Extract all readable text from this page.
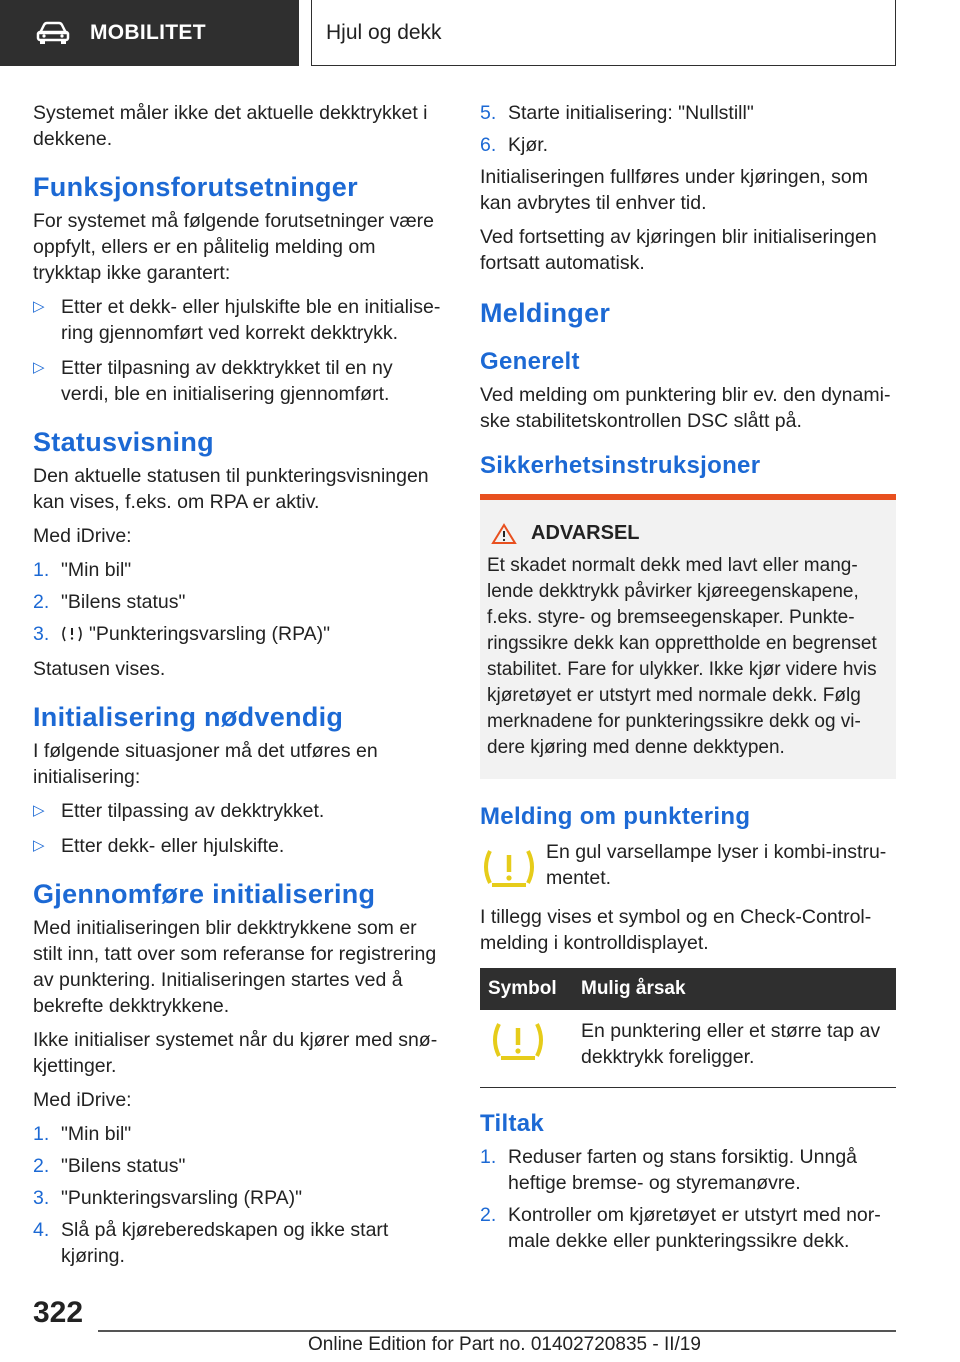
MOBILITET	Hjul og dekk

Systemet måler ikke det aktuelle dekktrykket i dekkene.

Funksjonsforutsetninger

For systemet må følgende forutsetninger være oppfylt, ellers er en pålitelig melding om trykktap ikke garantert:

▷ Etter et dekk- eller hjulskifte ble en initialisering gjennomført ved korrekt dekktrykk.
▷ Etter tilpasning av dekktrykket til en ny verdi, ble en initialisering gjennomført.
Statusvisning

Den aktuelle statusen til punkteringsvisningen kan vises, f.eks. om RPA er aktiv.

Med iDrive:

1. "Min bil"
2. "Bilens status"
3. "Punkteringsvarsling (RPA)"

Statusen vises.

Initialisering nødvendig

I følgende situasjoner må det utføres en initialisering:

▷ Etter tilpassing av dekktrykket.
▷ Etter dekk- eller hjulskifte.
Gjennomføre initialisering

Med initialiseringen blir dekktrykkene som er stilt inn, tatt over som referanse for registrering av punktering. Initialiseringen startes ved å bekrefte dekktrykkene.

Ikke initialiser systemet når du kjører med snøkjettinger.

Med iDrive:

1. "Min bil"
2. "Bilens status"
3. "Punkteringsvarsling (RPA)"
4. Slå på kjøreberedskapen og ikke start kjøring.
5. Starte initialisering: "Nullstill"
6. Kjør.

Initialiseringen fullføres under kjøringen, som kan avbrytes til enhver tid.

Ved fortsetting av kjøringen blir initialiseringen fortsatt automatisk.

Meldinger
Generelt

Ved melding om punktering blir ev. den dynamiske stabilitetskontrollen DSC slått på.

Sikkerhetsinstruksjoner
ADVARSEL
Et skadet normalt dekk med lavt eller manglende dekktrykk påvirker kjøreegenskapene, f.eks. styre- og bremseegenskaper. Punkteringssikre dekk kan opprettholde en begrenset stabilitet. Fare for ulykker. Ikke kjør videre hvis kjøretøyet er utstyrt med normale dekk. Følg merknadene for punkteringssikre dekk og videre kjøring med denne dekktypen.
Melding om punktering
En gul varsellampe lyser i kombi-instrumentet.

I tillegg vises et symbol og en Check-Control-melding i kontrolldisplayet.

Symbol	Mulig årsak
	En punktering eller et større tap av dekktrykk foreligger.
Tiltak
1. Reduser farten og stans forsiktig. Unngå heftige bremse- og styremanøvre.
2. Kontroller om kjøretøyet er utstyrt med normale dekke eller punkteringssikre dekk.
322
Online Edition for Part no. 01402720835 - II/19
